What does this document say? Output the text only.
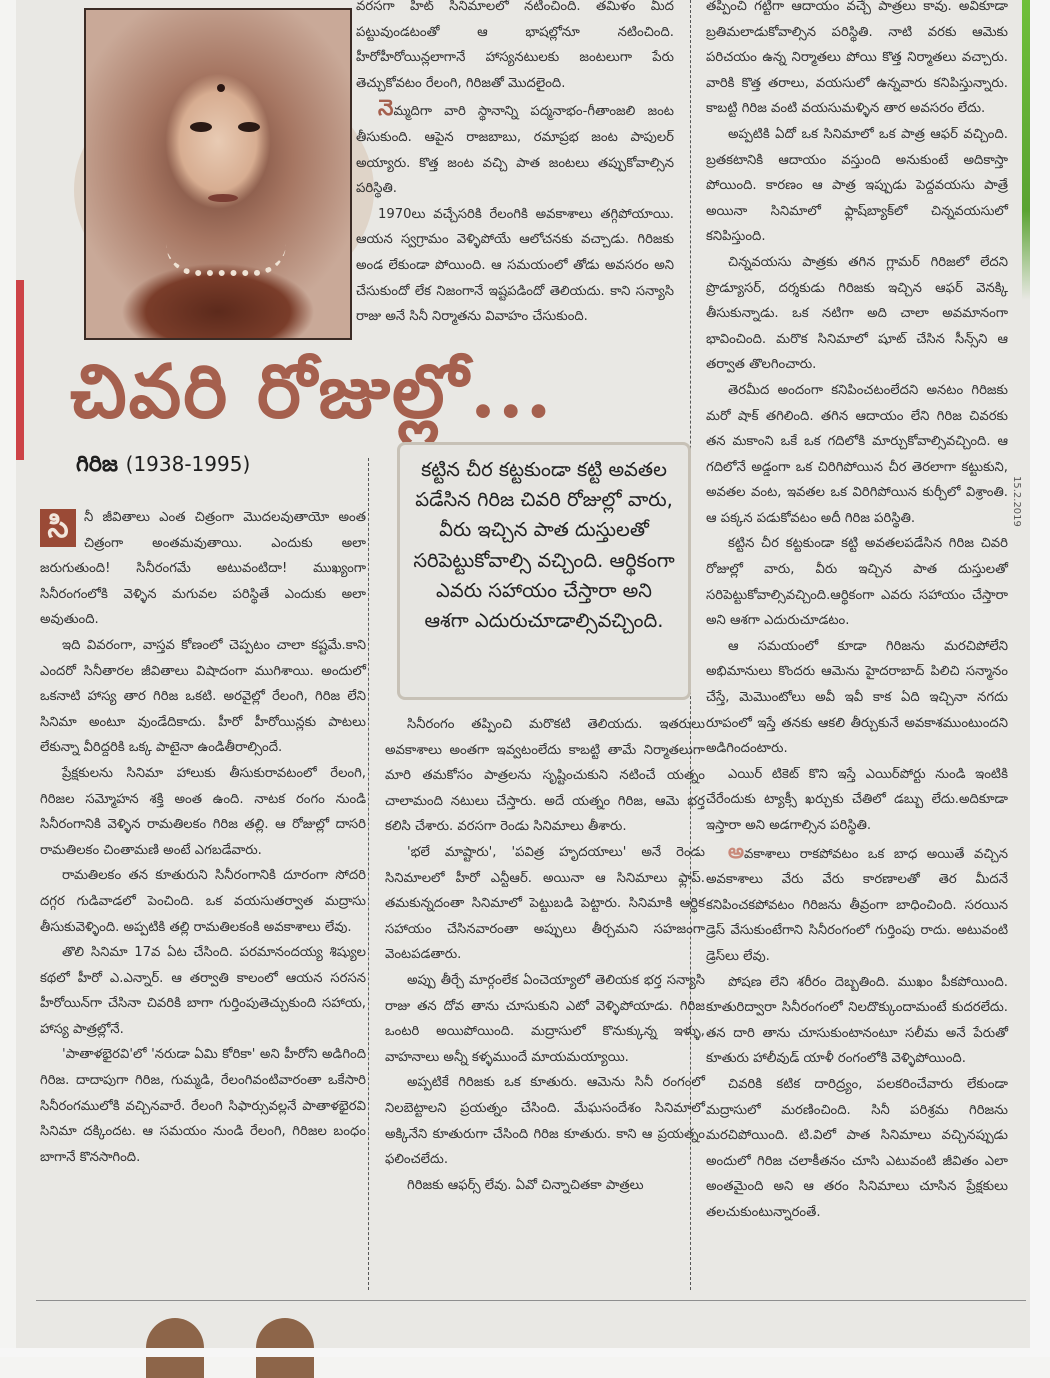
వరసగా హిట్ సినిమాలలో నటించింది. తమిళం మీద పట్టువుండటంతో ఆ భాషల్లోనూ నటించింది. హీరోహీరోయిన్లలాగానే హాస్యనటులకు జంటలుగా పేరు తెచ్చుకోవటం రేలంగి, గిరిజతో మొదలైంది.

నెమ్మదిగా వారి స్థానాన్ని పద్మనాభం-గీతాంజలి జంట తీసుకుంది. ఆపైన రాజబాబు, రమాప్రభ జంట పాపులర్ అయ్యారు. కొత్త జంట వచ్చి పాత జంటలు తప్పుకోవాల్సిన పరిస్థితి.

1970లు వచ్చేసరికి రేలంగికి అవకాశాలు తగ్గిపోయాయి. ఆయన స్వగ్రామం వెళ్ళిపోయే ఆలోచనకు వచ్చాడు. గిరిజకు అండ లేకుండా పోయింది. ఆ సమయంలో తోడు అవసరం అని చేసుకుందో లేక నిజంగానే ఇష్టపడిందో తెలియదు. కాని సన్యాసి రాజు అనే సినీ నిర్మాతను వివాహం చేసుకుంది.

చివరి రోజుల్లో...
గిరిజ (1938-1995)	కట్టిన చీర కట్టకుండా కట్టి అవతల పడేసిన గిరిజ చివరి రోజుల్లో వారు, వీరు ఇచ్చిన పాత దుస్తులతో సరిపెట్టుకోవాల్సి వచ్చింది. ఆర్థికంగా ఎవరు సహాయం చేస్తారా అని ఆశగా ఎదురుచూడాల్సివచ్చింది.

సి	నీ జీవితాలు ఎంత చిత్రంగా మొదలవుతాయో అంత చిత్రంగా అంతమవుతాయి. ఎందుకు అలా జరుగుతుంది! సినీరంగమే అటువంటిదా! ముఖ్యంగా సినీరంగంలోకి వెళ్ళిన మగువల పరిస్థితే ఎందుకు అలా అవుతుంది.

ఇది వివరంగా, వాస్తవ కోణంలో చెప్పటం చాలా కష్టమే.కాని ఎందరో సినీతారల జీవితాలు విషాదంగా ముగిశాయి. అందులో ఒకనాటి హాస్య తార గిరిజ ఒకటి. అరవైల్లో రేలంగి, గిరిజ లేని సినిమా అంటూ వుండేదికాదు. హీరో హీరోయిన్లకు పాటలు లేకున్నా వీరిద్దరికి ఒక్క పాటైనా ఉండితీరాల్సిందే.

ప్రేక్షకులను సినిమా హాలుకు తీసుకురావటంలో రేలంగి, గిరిజల సమ్మోహన శక్తి అంత ఉంది. నాటక రంగం నుండి సినీరంగానికి వెళ్ళిన రామతిలకం గిరిజ తల్లి. ఆ రోజుల్లో దాసరి రామతిలకం చింతామణి అంటే ఎగబడేవారు.

రామతిలకం తన కూతురుని సినీరంగానికి దూరంగా సోదరి దగ్గర గుడివాడలో పెంచింది. ఒక వయసుతర్వాత మద్రాసు తీసుకువెళ్ళింది. అప్పటికి తల్లి రామతిలకంకి అవకాశాలు లేవు.

తొలి సినిమా 17వ ఏట చేసింది. పరమానందయ్య శిష్యుల కథలో హీరో ఎ.ఎన్నార్. ఆ తర్వాతి కాలంలో ఆయన సరసన హీరోయిన్‌గా చేసినా చివరికి బాగా గుర్తింపుతెచ్చుకుంది సహాయ, హాస్య పాత్రల్లోనే.

'పాతాళభైరవి'లో 'నరుడా ఏమి కోరికా' అని హీరోని అడిగింది గిరిజ. దాదాపుగా గిరిజ, గుమ్మడి, రేలంగివంటివారంతా ఒకేసారి సినీరంగములోకి వచ్చినవారే. రేలంగి సిఫార్సువల్లనే పాతాళభైరవి సినిమా దక్కిందట. ఆ సమయం నుండి రేలంగి, గిరిజల బంధం బాగానే కొనసాగింది.

సినీరంగం తప్పించి మరొకటి తెలియదు. ఇతరులు అవకాశాలు అంతగా ఇవ్వటంలేదు కాబట్టి తామే నిర్మాతలుగా మారి తమకోసం పాత్రలను సృష్టించుకుని నటించే యత్నం చాలామంది నటులు చేస్తారు. అదే యత్నం గిరిజ, ఆమె భర్త కలిసి చేశారు. వరసగా రెండు సినిమాలు తీశారు.

'భలే మాష్టారు', 'పవిత్ర హృదయాలు' అనే రెండు సినిమాలలో హీరో ఎన్టీఆర్. అయినా ఆ సినిమాలు ఫ్లాప్. తమకున్నదంతా సినిమాలో పెట్టుబడి పెట్టారు. సినిమాకి ఆర్థిక సహాయం చేసినవారంతా అప్పులు తీర్చమని సహజంగా వెంటపడతారు.

అప్పు తీర్చే మార్గంలేక ఏంచెయ్యాలో తెలియక భర్త సన్యాసి రాజు తన దోవ తాను చూసుకుని ఎటో వెళ్ళిపోయాడు. గిరిజ ఒంటరి అయిపోయింది. మద్రాసులో కొనుక్కున్న ఇళ్ళు, వాహనాలు అన్నీ కళ్ళముందే మాయమయ్యాయి.

అప్పటికే గిరిజకు ఒక కూతురు. ఆమెను సినీ రంగంలో నిలబెట్టాలని ప్రయత్నం చేసింది. మేఘసందేశం సినిమాలో అక్కినేని కూతురుగా చేసింది గిరిజ కూతురు. కాని ఆ ప్రయత్నం ఫలించలేదు.

గిరిజకు ఆఫర్స్ లేవు. ఏవో చిన్నాచితకా పాత్రలు

తప్పించి గట్టిగా ఆదాయం వచ్చే పాత్రలు కావు. అవికూడా బ్రతిమలాడుకోవాల్సిన పరిస్థితి. నాటి వరకు ఆమెకు పరిచయం ఉన్న నిర్మాతలు పోయి కొత్త నిర్మాతలు వచ్చారు. వారికి కొత్త తరాలు, వయసులో ఉన్నవారు కనిపిస్తున్నారు. కాబట్టి గిరిజ వంటి వయసుమళ్ళిన తార అవసరం లేదు.

అప్పటికి ఏదో ఒక సినిమాలో ఒక పాత్ర ఆఫర్ వచ్చింది. బ్రతకటానికి ఆదాయం వస్తుంది అనుకుంటే అదికాస్తా పోయింది. కారణం ఆ పాత్ర ఇప్పుడు పెద్దవయసు పాత్రే అయినా సినిమాలో ఫ్లాష్‌బ్యాక్‌లో చిన్నవయసులో కనిపిస్తుంది.

చిన్నవయసు పాత్రకు తగిన గ్లామర్ గిరిజలో లేదని ప్రొడ్యూసర్, దర్శకుడు గిరిజకు ఇచ్చిన ఆఫర్ వెనక్కి తీసుకున్నాడు. ఒక నటిగా అది చాలా అవమానంగా భావించింది. మరొక సినిమాలో షూట్ చేసిన సీన్స్‌ని ఆ తర్వాత తొలగించారు.

తెరమీద అందంగా కనిపించటంలేదని అనటం గిరిజకు మరో షాక్ తగిలింది. తగిన ఆదాయం లేని గిరిజ చివరకు తన మకాంని ఒకే ఒక గదిలోకి మార్చుకోవాల్సివచ్చింది. ఆ గదిలోనే అడ్డంగా ఒక చిరిగిపోయిన చీర తెరలాగా కట్టుకుని, అవతల వంట, ఇవతల ఒక విరిగిపోయిన కుర్చీలో విశ్రాంతి. ఆ పక్కన పడుకోవటం అదీ గిరిజ పరిస్థితి.

కట్టిన చీర కట్టకుండా కట్టి అవతలపడేసిన గిరిజ చివరి రోజుల్లో వారు, వీరు ఇచ్చిన పాత దుస్తులతో సరిపెట్టుకోవాల్సివచ్చింది.ఆర్థికంగా ఎవరు సహాయం చేస్తారా అని ఆశగా ఎదురుచూడటం.

ఆ సమయంలో కూడా గిరిజను మరచిపోలేని అభిమానులు కొందరు ఆమెను హైదరాబాద్ పిలిచి సన్మానం చేస్తే, మెమొంటోలు అవీ ఇవీ కాక ఏది ఇచ్చినా నగదు రూపంలో ఇస్తే తనకు ఆకలి తీర్చుకునే అవకాశముంటుందని అడిగిందంటారు.

ఎయిర్ టికెట్ కొని ఇస్తే ఎయిర్‌పోర్టు నుండి ఇంటికి చేరేందుకు ట్యాక్సీ ఖర్చుకు చేతిలో డబ్బు లేదు.అదికూడా ఇస్తారా అని అడగాల్సిన పరిస్థితి.

అవకాశాలు రాకపోవటం ఒక బాధ అయితే వచ్చిన అవకాశాలు వేరు వేరు కారణాలతో తెర మీదనే కనిపించకపోవటం గిరిజను తీవ్రంగా బాధించింది. సరయిన డ్రెస్ వేసుకుంటేగాని సినీరంగంలో గుర్తింపు రాదు. అటువంటి డ్రెస్‌లు లేవు.

పోషణ లేని శరీరం దెబ్బతింది. ముఖం పీకపోయింది. కూతురిద్వారా సినీరంగంలో నిలదొక్కుందామంటే కుదరలేదు. తన దారి తాను చూసుకుంటానంటూ సలీమ అనే పేరుతో కూతురు హాలీవుడ్ యాళీ రంగంలోకి వెళ్ళిపోయింది.

చివరికి కటిక దారిద్ర్యం, పలకరించేవారు లేకుండా మద్రాసులో మరణించింది. సినీ పరిశ్రమ గిరిజను మరచిపోయింది. టి.విలో పాత సినిమాలు వచ్చినప్పుడు అందులో గిరిజ చలాకీతనం చూసి ఎటువంటి జీవితం ఎలా అంతమైంది అని ఆ తరం సినిమాలు చూసిన ప్రేక్షకులు తలచుకుంటున్నారంతే.

15.2.2019
